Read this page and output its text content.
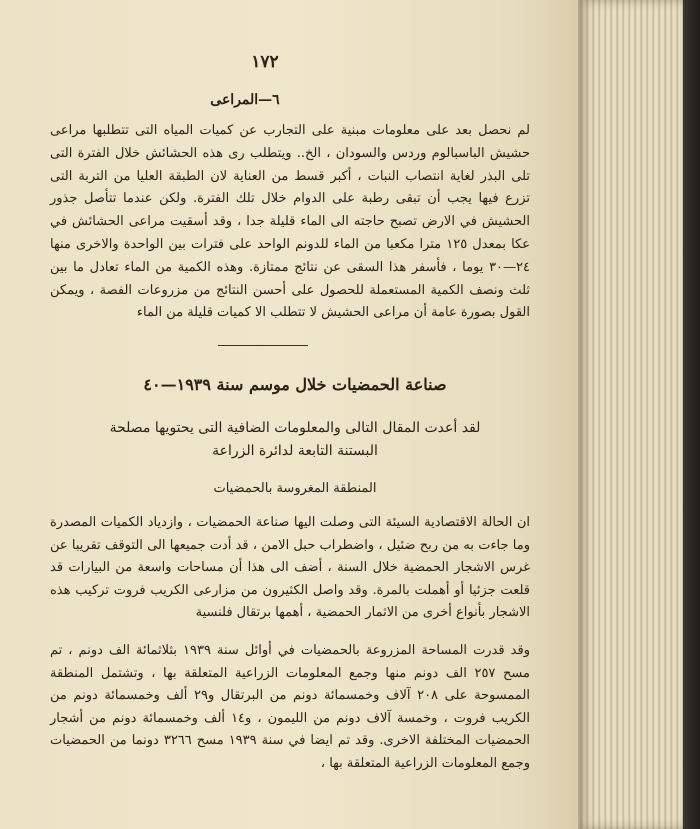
١٧٢
٦—المراعى
لم نحصل بعد على معلومات مبنية على التجارب عن كميات المياه التى تتطلبها مراعى حشيش الباسبالوم وردس والسودان ، الخ.. ويتطلب رى هذه الحشائش خلال الفترة التى تلى البذر لغاية انتصاب النبات ، أكبر قسط من العناية لان الطبقة العليا من التربة التى تزرع فيها يجب أن تبقى رطبة على الدوام خلال تلك الفترة. ولكن عندما تتأصل جذور الحشيش في الارض تصبح حاجته الى الماء قليلة جدا ، وقد أسقيت مراعى الحشائش في عكا بمعدل ١٢٥ مترا مكعبا من الماء للدونم الواحد على فترات بين الواحدة والاخرى منها ٢٤—٣٠ يوما ، فأسفر هذا السقى عن نتائج ممتازة. وهذه الكمية من الماء تعادل ما بين ثلث ونصف الكمية المستعملة للحصول على أحسن النتائج من مزروعات الفصة ، ويمكن القول بصورة عامة أن مراعى الحشيش لا تتطلب الا كميات قليلة من الماء
صناعة الحمضيات خلال موسم سنة ١٩٣٩—٤٠
لقد أعدت المقال التالى والمعلومات الضافية التى يحتويها مصلحة
البستنة التابعة لدائرة الزراعة
المنطقة المغروسة بالحمضيات
ان الحالة الاقتصادية السيئة التى وصلت اليها صناعة الحمضيات ، وازدياد الكميات المصدرة وما جاءت به من ربح ضئيل ، واضطراب حبل الامن ، قد أدت جميعها الى التوقف تقريبا عن غرس الاشجار الحمضية خلال السنة ، أضف الى هذا أن مساحات واسعة من البيارات قد قلعت جزئيا أو أهملت بالمرة. وقد واصل الكثيرون من مزارعى الكريب فروت تركيب هذه الاشجار بأنواع أخرى من الاثمار الحمضية ، أهمها برتقال فلنسية
وقد قدرت المساحة المزروعة بالحمضيات في أوائل سنة ١٩٣٩ بثلاثمائة الف دونم ، تم مسح ٢٥٧ الف دونم منها وجمع المعلومات الزراعية المتعلقة بها ، وتشتمل المنطقة الممسوحة على ٢٠٨ آلاف وخمسمائة دونم من البرتقال و٢٩ ألف وخمسمائة دونم من الكريب فروت ، وخمسة آلاف دونم من الليمون ، و١٤ ألف وخمسمائة دونم من أشجار الحمضيات المختلفة الاخرى. وقد تم ايضا في سنة ١٩٣٩ مسح ٣٢٦٦ دونما من الحمضيات وجمع المعلومات الزراعية المتعلقة بها ،
